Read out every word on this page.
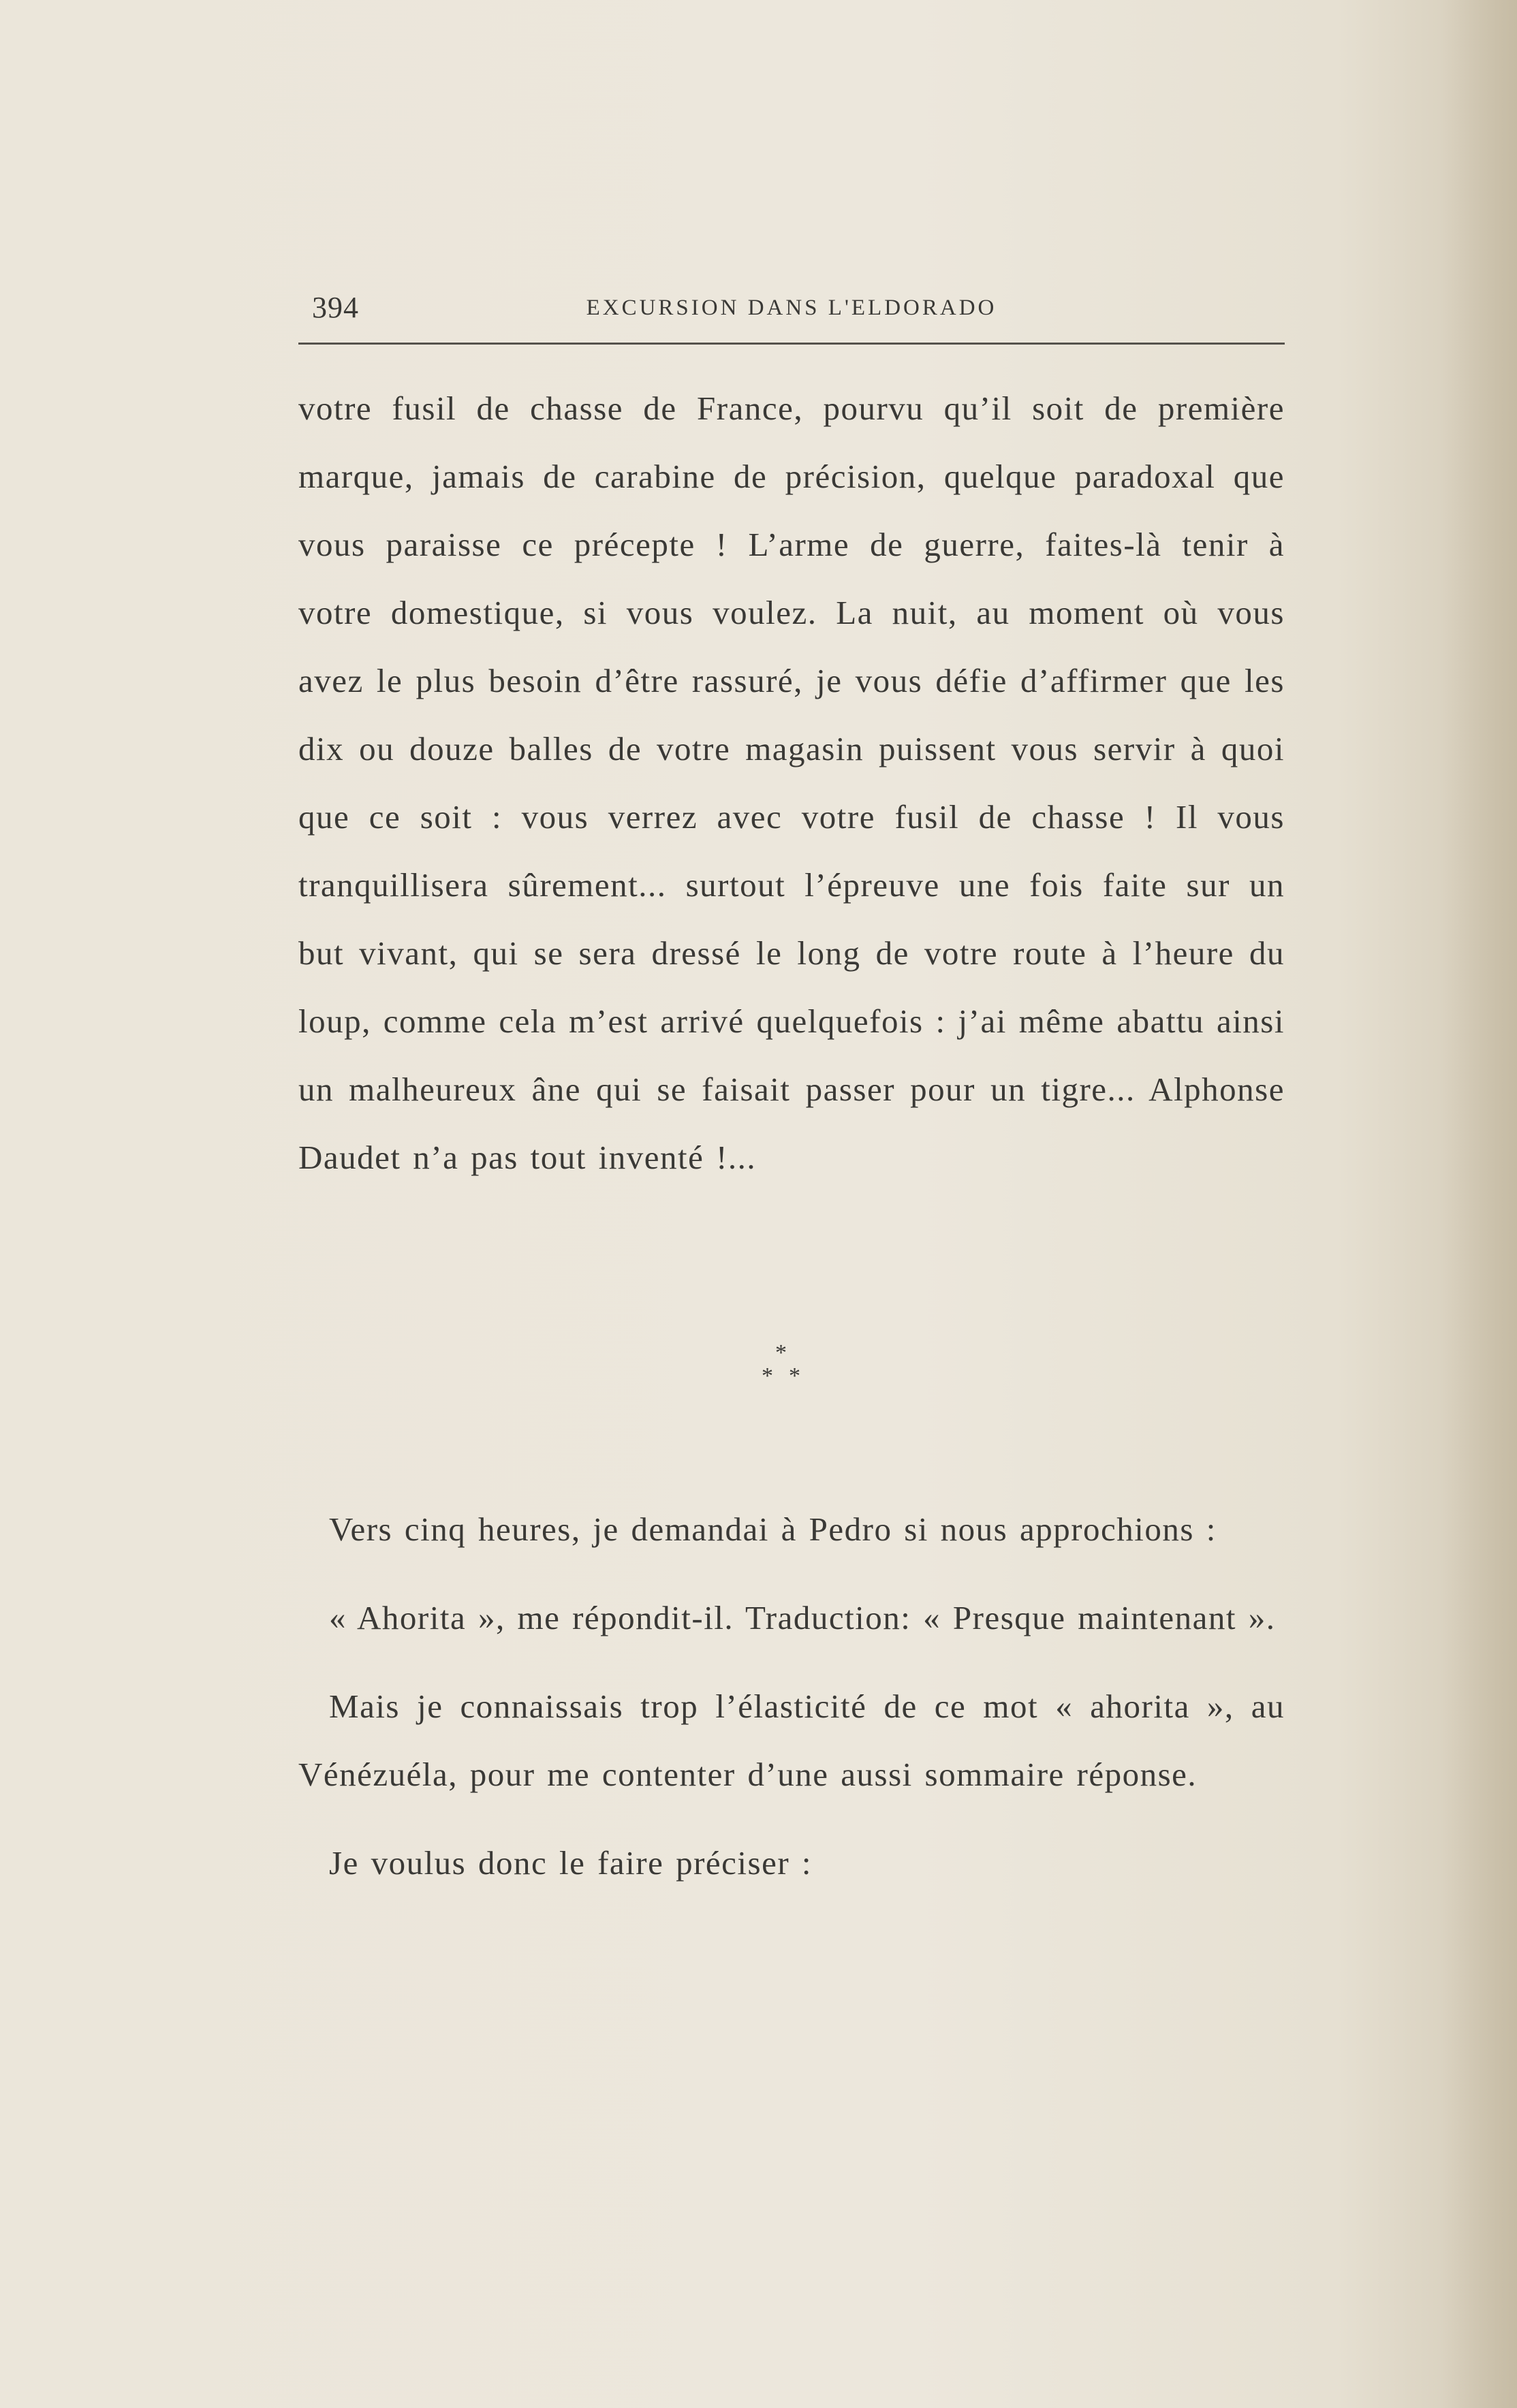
394	EXCURSION DANS L'ELDORADO

votre fusil de chasse de France, pourvu qu’il soit de première marque, jamais de carabine de précision, quelque paradoxal que vous paraisse ce précepte ! L’arme de guerre, faites-là tenir à votre domestique, si vous voulez. La nuit, au moment où vous avez le plus besoin d’être rassuré, je vous défie d’affirmer que les dix ou douze balles de votre magasin puissent vous servir à quoi que ce soit : vous verrez avec votre fusil de chasse ! Il vous tranquillisera sûrement... surtout l’épreuve une fois faite sur un but vivant, qui se sera dressé le long de votre route à l’heure du loup, comme cela m’est arrivé quelquefois : j’ai même abattu ainsi un malheureux âne qui se faisait passer pour un tigre... Alphonse Daudet n’a pas tout inventé !...

*
* *

Vers cinq heures, je demandai à Pedro si nous approchions :

« Ahorita », me répondit-il. Traduction: « Presque maintenant ».

Mais je connaissais trop l’élasticité de ce mot « ahorita », au Vénézuéla, pour me contenter d’une aussi sommaire réponse.

Je voulus donc le faire préciser :
